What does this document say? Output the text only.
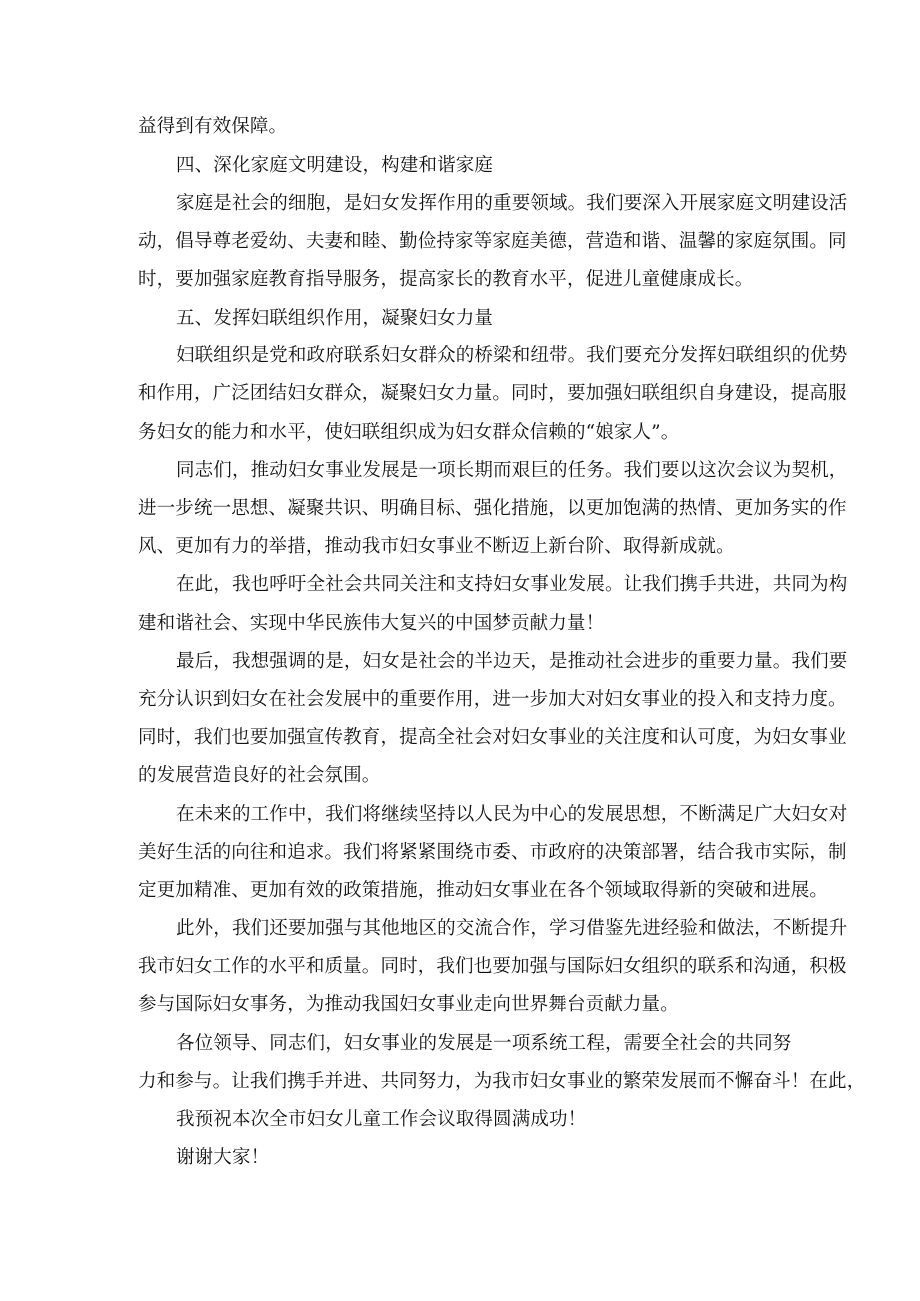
益得到有效保障。
四、深化家庭文明建设，构建和谐家庭
家庭是社会的细胞，是妇女发挥作用的重要领域。我们要深入开展家庭文明建设活
动，倡导尊老爱幼、夫妻和睦、勤俭持家等家庭美德，营造和谐、温馨的家庭氛围。同
时，要加强家庭教育指导服务，提高家长的教育水平，促进儿童健康成长。
五、发挥妇联组织作用，凝聚妇女力量
妇联组织是党和政府联系妇女群众的桥梁和纽带。我们要充分发挥妇联组织的优势
和作用，广泛团结妇女群众，凝聚妇女力量。同时，要加强妇联组织自身建设，提高服
务妇女的能力和水平，使妇联组织成为妇女群众信赖的“娘家人”。
同志们，推动妇女事业发展是一项长期而艰巨的任务。我们要以这次会议为契机，
进一步统一思想、凝聚共识、明确目标、强化措施，以更加饱满的热情、更加务实的作
风、更加有力的举措，推动我市妇女事业不断迈上新台阶、取得新成就。
在此，我也呼吁全社会共同关注和支持妇女事业发展。让我们携手共进，共同为构
建和谐社会、实现中华民族伟大复兴的中国梦贡献力量！
最后，我想强调的是，妇女是社会的半边天，是推动社会进步的重要力量。我们要
充分认识到妇女在社会发展中的重要作用，进一步加大对妇女事业的投入和支持力度。
同时，我们也要加强宣传教育，提高全社会对妇女事业的关注度和认可度，为妇女事业
的发展营造良好的社会氛围。
在未来的工作中，我们将继续坚持以人民为中心的发展思想，不断满足广大妇女对
美好生活的向往和追求。我们将紧紧围绕市委、市政府的决策部署，结合我市实际，制
定更加精准、更加有效的政策措施，推动妇女事业在各个领域取得新的突破和进展。
此外，我们还要加强与其他地区的交流合作，学习借鉴先进经验和做法，不断提升
我市妇女工作的水平和质量。同时，我们也要加强与国际妇女组织的联系和沟通，积极
参与国际妇女事务，为推动我国妇女事业走向世界舞台贡献力量。
各位领导、同志们，妇女事业的发展是一项系统工程，需要全社会的共同努
力和参与。让我们携手并进、共同努力，为我市妇女事业的繁荣发展而不懈奋斗！在此，
我预祝本次全市妇女儿童工作会议取得圆满成功！
谢谢大家！
